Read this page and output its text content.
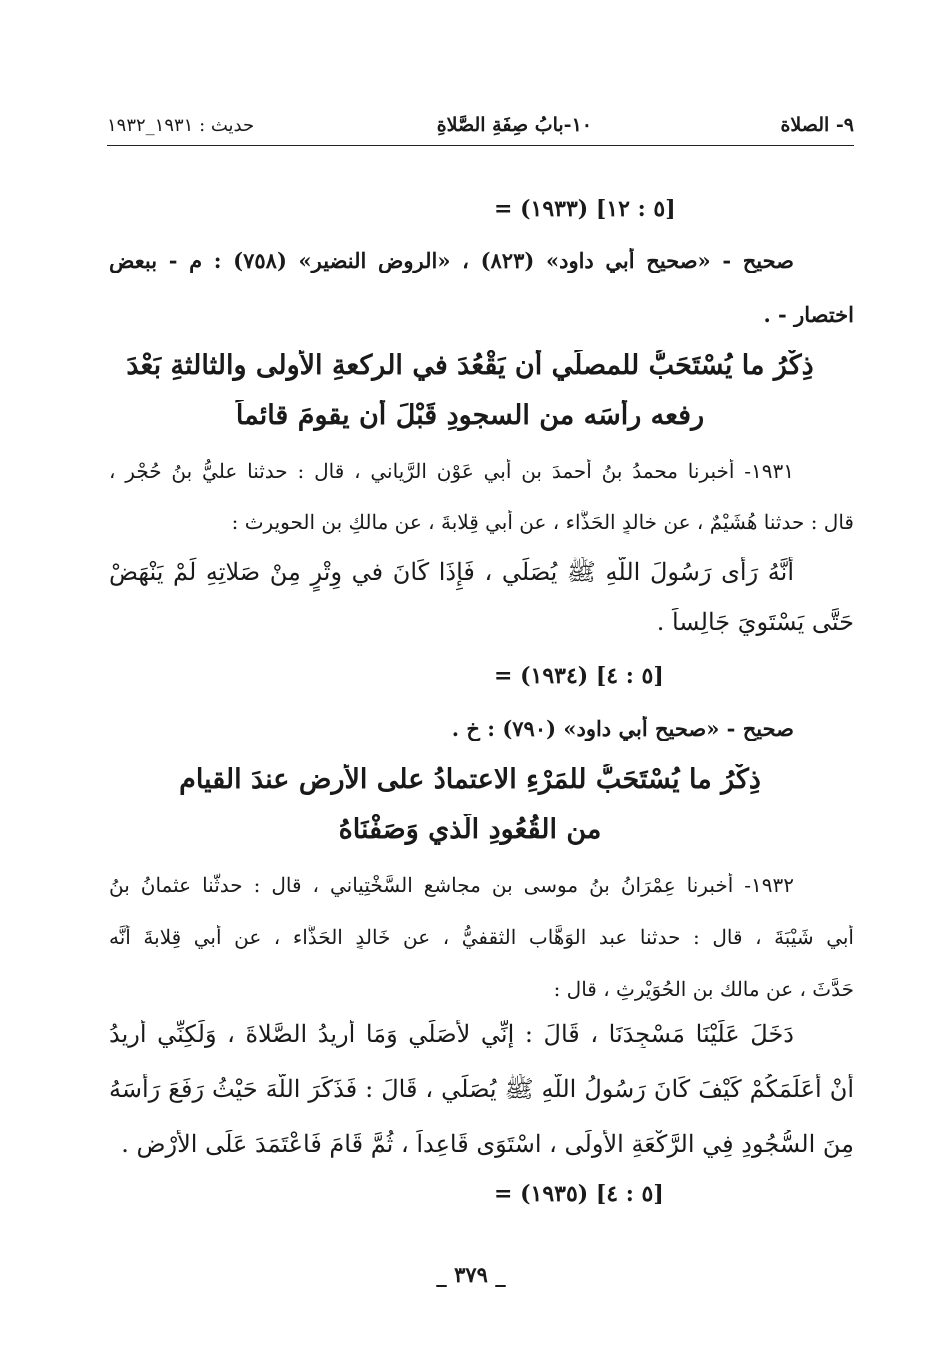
٩- الصلاة
١٠-بابُ صِفَةِ الصَّلاةِ
حديث : ١٩٣١_١٩٣٢
= (١٩٣٣) [٥ : ١٢]
صحيح - «صحيح أبي داود» (٨٢٣) ، «الروض النضير» (٧٥٨) : م - ببعض
اختصار - .
ذِكْرُ ما يُسْتَحَبُّ للمصلِّي أن يَقْعُدَ في الركعةِ الأولى والثالثةِ بَعْدَ
رفعه رأسَه من السجودِ قَبْلَ أن يقومَ قائماً
١٩٣١- أخبرنا محمدُ بنُ أحمدَ بنِ أبي عَوْنٍ الرَّياني ، قال : حدثنا عليُّ بنُ حُجْرٍ ،
قال : حدثنا هُشَيْمٌ ، عن خالدٍ الحَذَّاء ، عن أبي قِلابةَ ، عن مالكِ بنِ الحويرث :
أنَّهُ رَأَى رَسُولَ اللَّهِ ﷺ يُصَلِّي ، فَإِذَا كَانَ في وِتْرٍ مِنْ صَلاتِهِ لَمْ يَنْهَضْ
حَتَّى يَسْتَوِيَ جَالِساً .
= (١٩٣٤) [٥ : ٤]
صحيح - «صحيح أبي داود» (٧٩٠) : خ .
ذِكْرُ ما يُسْتَحَبُّ للمَرْءِ الاعتمادُ على الأرضِ عندَ القيامِ
من القُعُودِ الَّذي وَصَفْنَاهُ
١٩٣٢- أخبرنا عِمْرَانُ بنُ موسى بن مجاشع السَّخْتِياني ، قال : حدثَّنا عثمانُ بنُ
أبي شَيْبَةَ ، قال : حدثنا عبد الوَهَّاب الثقفيُّ ، عن خَالدٍ الحَذَّاء ، عن أبي قِلابةَ أنَّه
حَدَّثَ ، عن مالك بن الحُوَيْرِثِ ، قال :
دَخَلَ عَلَيْنَا مَسْجِدَنَا ، قَالَ : إِنِّي لأُصَلِّي وَمَا أُرِيدُ الصَّلاةَ ، وَلَكِنِّي أُرِيدُ
أَنْ أُعَلِّمَكُمْ كَيْفَ كَانَ رَسُولُ اللَّهِ ﷺ يُصَلِّي ، قَالَ : فَذَكَرَ اللَّهَ حَيْثُ رَفَعَ رَأْسَهُ
مِنَ السُّجُودِ فِي الرَّكْعَةِ الأُولَى ، اسْتَوَى قَاعِداً ، ثُمَّ قَامَ فَاعْتَمَدَ عَلَى الأَرْضِ .
= (١٩٣٥) [٥ : ٤]
_ ٣٧٩ _
